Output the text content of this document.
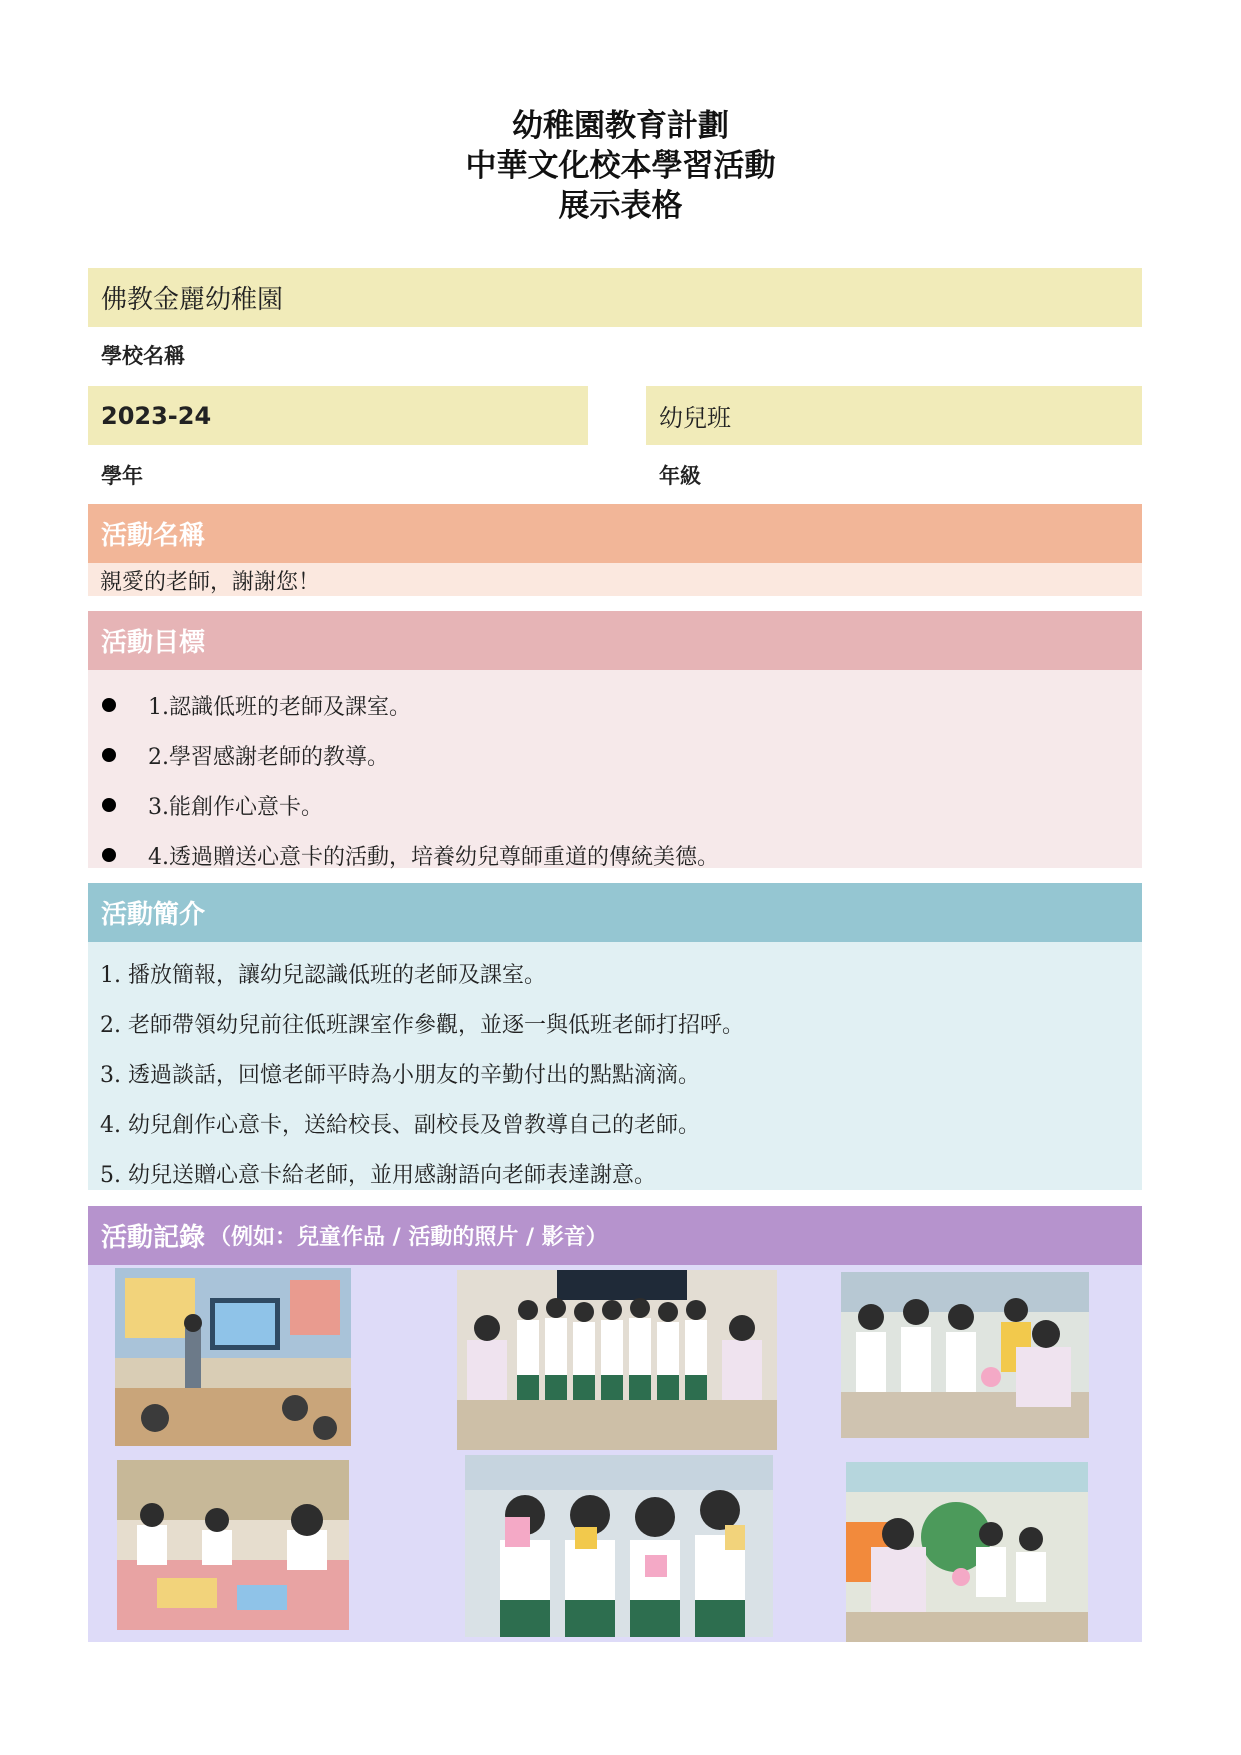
幼稚園教育計劃
中華文化校本學習活動
展示表格
佛教金麗幼稚園
學校名稱
2023-24
學年
幼兒班
年級
活動名稱
親愛的老師，謝謝您！
活動目標
1.認識低班的老師及課室。
2.學習感謝老師的教導。
3.能創作心意卡。
4.透過贈送心意卡的活動，培養幼兒尊師重道的傳統美德。
活動簡介
1. 播放簡報，讓幼兒認識低班的老師及課室。
2. 老師帶領幼兒前往低班課室作參觀，並逐一與低班老師打招呼。
3. 透過談話，回憶老師平時為小朋友的辛勤付出的點點滴滴。
4. 幼兒創作心意卡，送給校長、副校長及曾教導自己的老師。
5. 幼兒送贈心意卡給老師，並用感謝語向老師表達謝意。
活動記錄 （例如：兒童作品 / 活動的照片 / 影音）
